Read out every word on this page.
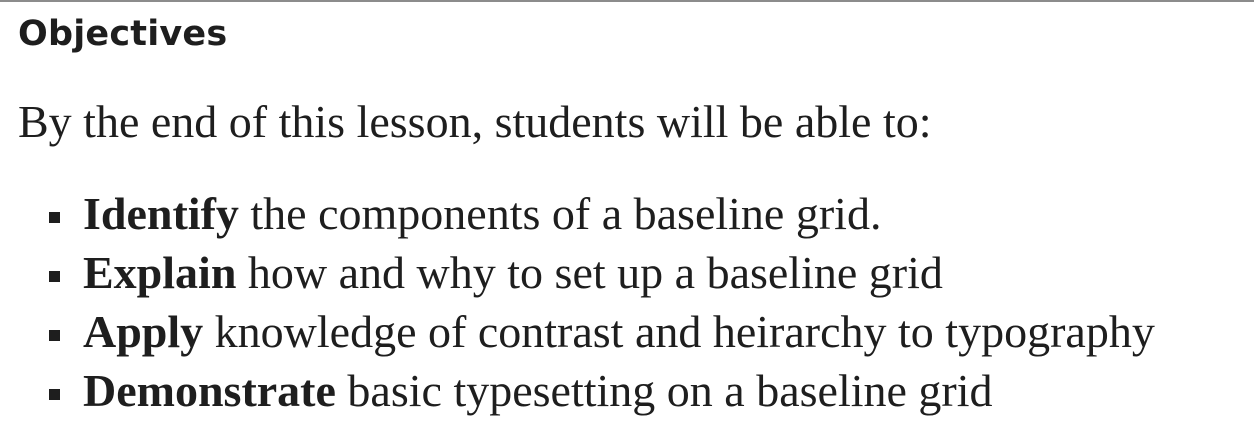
Objectives

By the end of this lesson, students will be able to:

Identify the components of a baseline grid.
Explain how and why to set up a baseline grid
Apply knowledge of contrast and heirarchy to typography
Demonstrate basic typesetting on a baseline grid
